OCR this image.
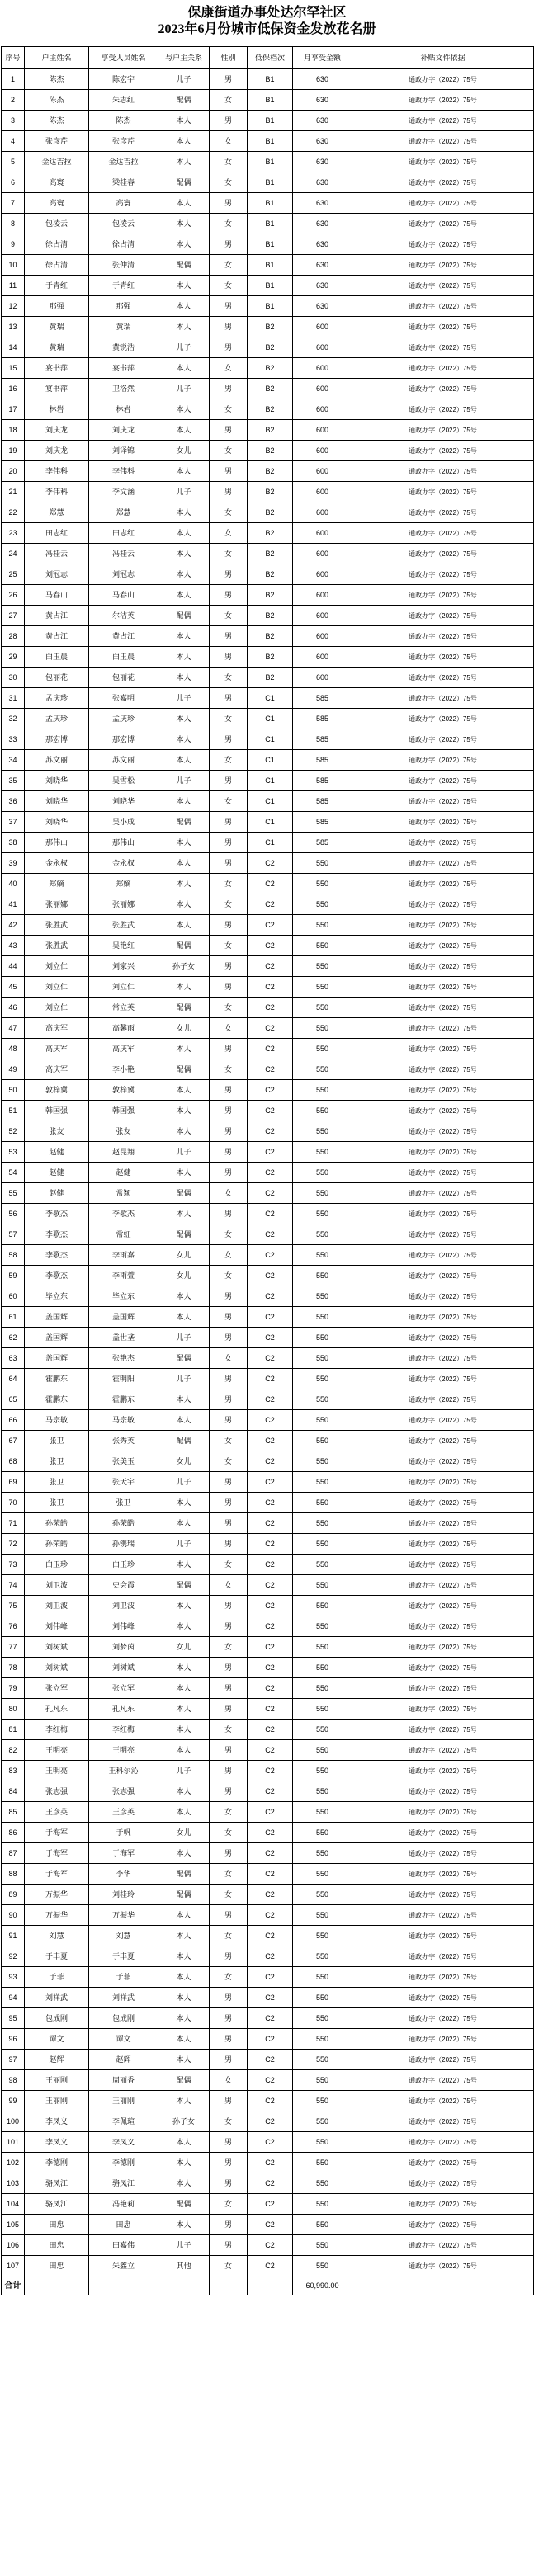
保康街道办事处达尔罕社区
2023年6月份城市低保资金发放花名册
序号	户主姓名	享受人员姓名	与户主关系	性别	低保档次	月享受金额	补贴文件依据
1	陈杰	陈宏宇	儿子	男	B1	630	通政办字（2022）75号
2	陈杰	朱志红	配偶	女	B1	630	通政办字（2022）75号
3	陈杰	陈杰	本人	男	B1	630	通政办字（2022）75号
4	张彦芹	张彦芹	本人	女	B1	630	通政办字（2022）75号
5	金达吉拉	金达吉拉	本人	女	B1	630	通政办字（2022）75号
6	高寰	梁桂春	配偶	女	B1	630	通政办字（2022）75号
7	高寰	高寰	本人	男	B1	630	通政办字（2022）75号
8	包凌云	包凌云	本人	女	B1	630	通政办字（2022）75号
9	徐占清	徐占清	本人	男	B1	630	通政办字（2022）75号
10	徐占清	张仲清	配偶	女	B1	630	通政办字（2022）75号
11	于青红	于青红	本人	女	B1	630	通政办字（2022）75号
12	那强	那强	本人	男	B1	630	通政办字（2022）75号
13	黄瑞	黄瑞	本人	男	B2	600	通政办字（2022）75号
14	黄瑞	黄锐浩	儿子	男	B2	600	通政办字（2022）75号
15	宴书萍	宴书萍	本人	女	B2	600	通政办字（2022）75号
16	宴书萍	卫洛然	儿子	男	B2	600	通政办字（2022）75号
17	林岩	林岩	本人	女	B2	600	通政办字（2022）75号
18	刘庆龙	刘庆龙	本人	男	B2	600	通政办字（2022）75号
19	刘庆龙	刘译锦	女儿	女	B2	600	通政办字（2022）75号
20	李伟科	李伟科	本人	男	B2	600	通政办字（2022）75号
21	李伟科	李文涵	儿子	男	B2	600	通政办字（2022）75号
22	郑慧	郑慧	本人	女	B2	600	通政办字（2022）75号
23	田志红	田志红	本人	女	B2	600	通政办字（2022）75号
24	冯桂云	冯桂云	本人	女	B2	600	通政办字（2022）75号
25	刘冠志	刘冠志	本人	男	B2	600	通政办字（2022）75号
26	马春山	马春山	本人	男	B2	600	通政办字（2022）75号
27	黄占江	尔洁英	配偶	女	B2	600	通政办字（2022）75号
28	黄占江	黄占江	本人	男	B2	600	通政办字（2022）75号
29	白玉晨	白玉晨	本人	男	B2	600	通政办字（2022）75号
30	包丽花	包丽花	本人	女	B2	600	通政办字（2022）75号
31	孟庆珍	张嘉明	儿子	男	C1	585	通政办字（2022）75号
32	孟庆珍	孟庆珍	本人	女	C1	585	通政办字（2022）75号
33	那宏博	那宏博	本人	男	C1	585	通政办字（2022）75号
34	苏文丽	苏文丽	本人	女	C1	585	通政办字（2022）75号
35	刘晓华	吴雪松	儿子	男	C1	585	通政办字（2022）75号
36	刘晓华	刘晓华	本人	女	C1	585	通政办字（2022）75号
37	刘晓华	吴小成	配偶	男	C1	585	通政办字（2022）75号
38	那伟山	那伟山	本人	男	C1	585	通政办字（2022）75号
39	金永权	金永权	本人	男	C2	550	通政办字（2022）75号
40	郑嫡	郑嫡	本人	女	C2	550	通政办字（2022）75号
41	张丽娜	张丽娜	本人	女	C2	550	通政办字（2022）75号
42	张胜武	张胜武	本人	男	C2	550	通政办字（2022）75号
43	张胜武	吴艳红	配偶	女	C2	550	通政办字（2022）75号
44	刘立仁	刘家兴	孙子女	男	C2	550	通政办字（2022）75号
45	刘立仁	刘立仁	本人	男	C2	550	通政办字（2022）75号
46	刘立仁	常立英	配偶	女	C2	550	通政办字（2022）75号
47	高庆军	高馨雨	女儿	女	C2	550	通政办字（2022）75号
48	高庆军	高庆军	本人	男	C2	550	通政办字（2022）75号
49	高庆军	李小艳	配偶	女	C2	550	通政办字（2022）75号
50	敦梓冀	敦梓冀	本人	男	C2	550	通政办字（2022）75号
51	韩国强	韩国强	本人	男	C2	550	通政办字（2022）75号
52	张友	张友	本人	男	C2	550	通政办字（2022）75号
53	赵健	赵昆翔	儿子	男	C2	550	通政办字（2022）75号
54	赵健	赵健	本人	男	C2	550	通政办字（2022）75号
55	赵健	常颖	配偶	女	C2	550	通政办字（2022）75号
56	李歌杰	李歌杰	本人	男	C2	550	通政办字（2022）75号
57	李歌杰	常虹	配偶	女	C2	550	通政办字（2022）75号
58	李歌杰	李雨嘉	女儿	女	C2	550	通政办字（2022）75号
59	李歌杰	李雨萱	女儿	女	C2	550	通政办字（2022）75号
60	毕立东	毕立东	本人	男	C2	550	通政办字（2022）75号
61	盖国辉	盖国辉	本人	男	C2	550	通政办字（2022）75号
62	盖国辉	盖世垄	儿子	男	C2	550	通政办字（2022）75号
63	盖国辉	张艳杰	配偶	女	C2	550	通政办字（2022）75号
64	霍鹏东	霍明阳	儿子	男	C2	550	通政办字（2022）75号
65	霍鹏东	霍鹏东	本人	男	C2	550	通政办字（2022）75号
66	马宗敏	马宗敏	本人	男	C2	550	通政办字（2022）75号
67	张卫	张秀英	配偶	女	C2	550	通政办字（2022）75号
68	张卫	张美玉	女儿	女	C2	550	通政办字（2022）75号
69	张卫	张天宇	儿子	男	C2	550	通政办字（2022）75号
70	张卫	张卫	本人	男	C2	550	通政办字（2022）75号
71	孙荣皓	孙荣皓	本人	男	C2	550	通政办字（2022）75号
72	孙荣皓	孙镌瑞	儿子	男	C2	550	通政办字（2022）75号
73	白玉珍	白玉珍	本人	女	C2	550	通政办字（2022）75号
74	刘卫波	史会霞	配偶	女	C2	550	通政办字（2022）75号
75	刘卫波	刘卫波	本人	男	C2	550	通政办字（2022）75号
76	刘伟峰	刘伟峰	本人	男	C2	550	通政办字（2022）75号
77	刘树斌	刘梦茵	女儿	女	C2	550	通政办字（2022）75号
78	刘树斌	刘树斌	本人	男	C2	550	通政办字（2022）75号
79	张立军	张立军	本人	男	C2	550	通政办字（2022）75号
80	孔凡东	孔凡东	本人	男	C2	550	通政办字（2022）75号
81	李红梅	李红梅	本人	女	C2	550	通政办字（2022）75号
82	王明亮	王明亮	本人	男	C2	550	通政办字（2022）75号
83	王明亮	王科尔沁	儿子	男	C2	550	通政办字（2022）75号
84	张志强	张志强	本人	男	C2	550	通政办字（2022）75号
85	王彦英	王彦英	本人	女	C2	550	通政办字（2022）75号
86	于海军	于帆	女儿	女	C2	550	通政办字（2022）75号
87	于海军	于海军	本人	男	C2	550	通政办字（2022）75号
88	于海军	李华	配偶	女	C2	550	通政办字（2022）75号
89	万振华	刘桂玲	配偶	女	C2	550	通政办字（2022）75号
90	万振华	万振华	本人	男	C2	550	通政办字（2022）75号
91	刘慧	刘慧	本人	女	C2	550	通政办字（2022）75号
92	于丰夏	于丰夏	本人	男	C2	550	通政办字（2022）75号
93	于菲	于菲	本人	女	C2	550	通政办字（2022）75号
94	刘祥武	刘祥武	本人	男	C2	550	通政办字（2022）75号
95	包成刚	包成刚	本人	男	C2	550	通政办字（2022）75号
96	谭文	谭文	本人	男	C2	550	通政办字（2022）75号
97	赵辉	赵辉	本人	男	C2	550	通政办字（2022）75号
98	王丽刚	周丽香	配偶	女	C2	550	通政办字（2022）75号
99	王丽刚	王丽刚	本人	男	C2	550	通政办字（2022）75号
100	李凤义	李佩瑄	孙子女	女	C2	550	通政办字（2022）75号
101	李凤义	李凤义	本人	男	C2	550	通政办字（2022）75号
102	李德刚	李德刚	本人	男	C2	550	通政办字（2022）75号
103	骆凤江	骆凤江	本人	男	C2	550	通政办字（2022）75号
104	骆凤江	冯艳莉	配偶	女	C2	550	通政办字（2022）75号
105	田忠	田忠	本人	男	C2	550	通政办字（2022）75号
106	田忠	田嘉伟	儿子	男	C2	550	通政办字（2022）75号
107	田忠	朱鑫立	其他	女	C2	550	通政办字（2022）75号
合计						60,990.00	
